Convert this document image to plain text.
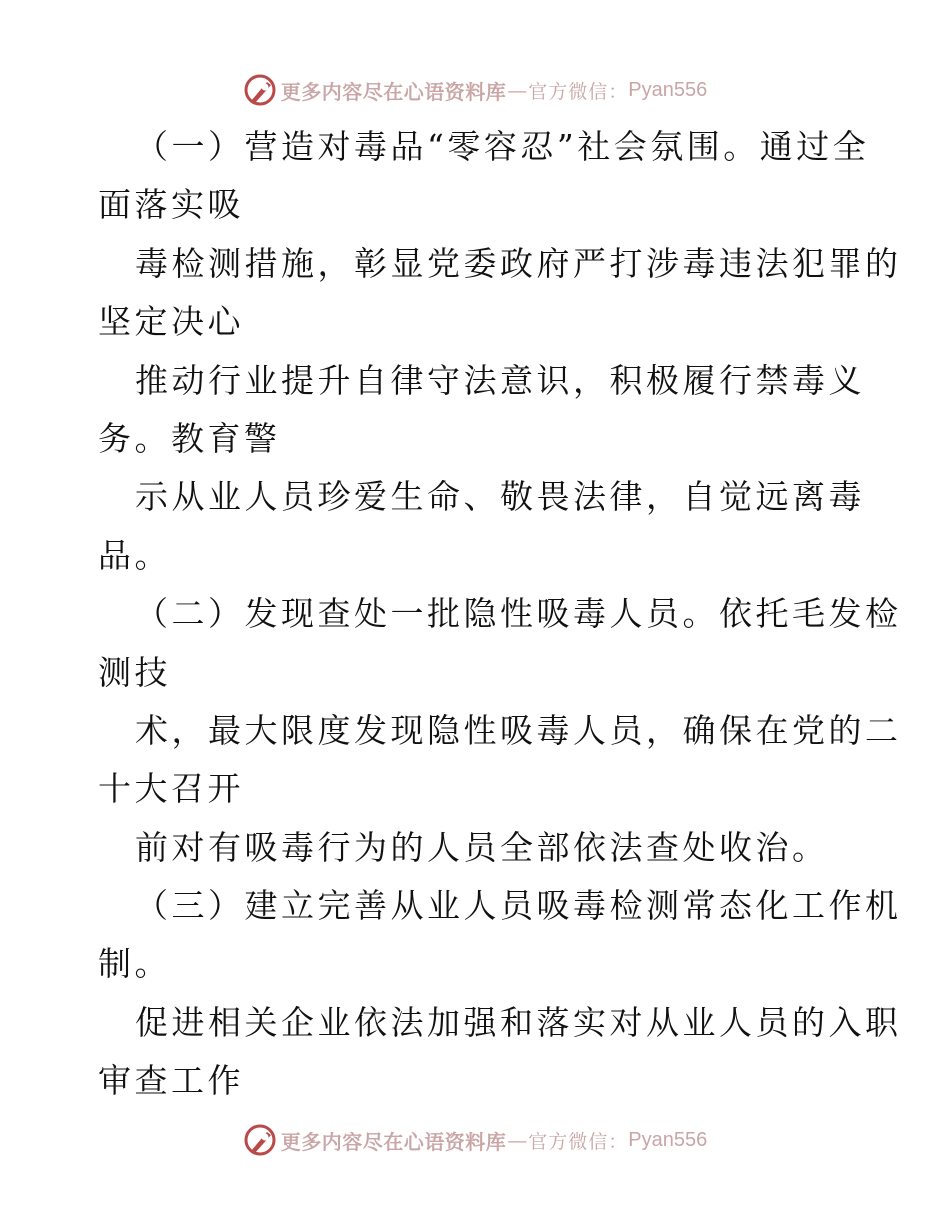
更多内容尽在心语资料库 — 官方微信： Pyan556
（一）营造对毒品“零容忍”社会氛围。通过全
面落实吸
毒检测措施，彰显党委政府严打涉毒违法犯罪的
坚定决心
推动行业提升自律守法意识，积极履行禁毒义
务。教育警
示从业人员珍爱生命、敬畏法律，自觉远离毒
品。
（二）发现查处一批隐性吸毒人员。依托毛发检
测技
术，最大限度发现隐性吸毒人员，确保在党的二
十大召开
前对有吸毒行为的人员全部依法查处收治。
（三）建立完善从业人员吸毒检测常态化工作机
制。
促进相关企业依法加强和落实对从业人员的入职
审查工作
更多内容尽在心语资料库 — 官方微信： Pyan556
